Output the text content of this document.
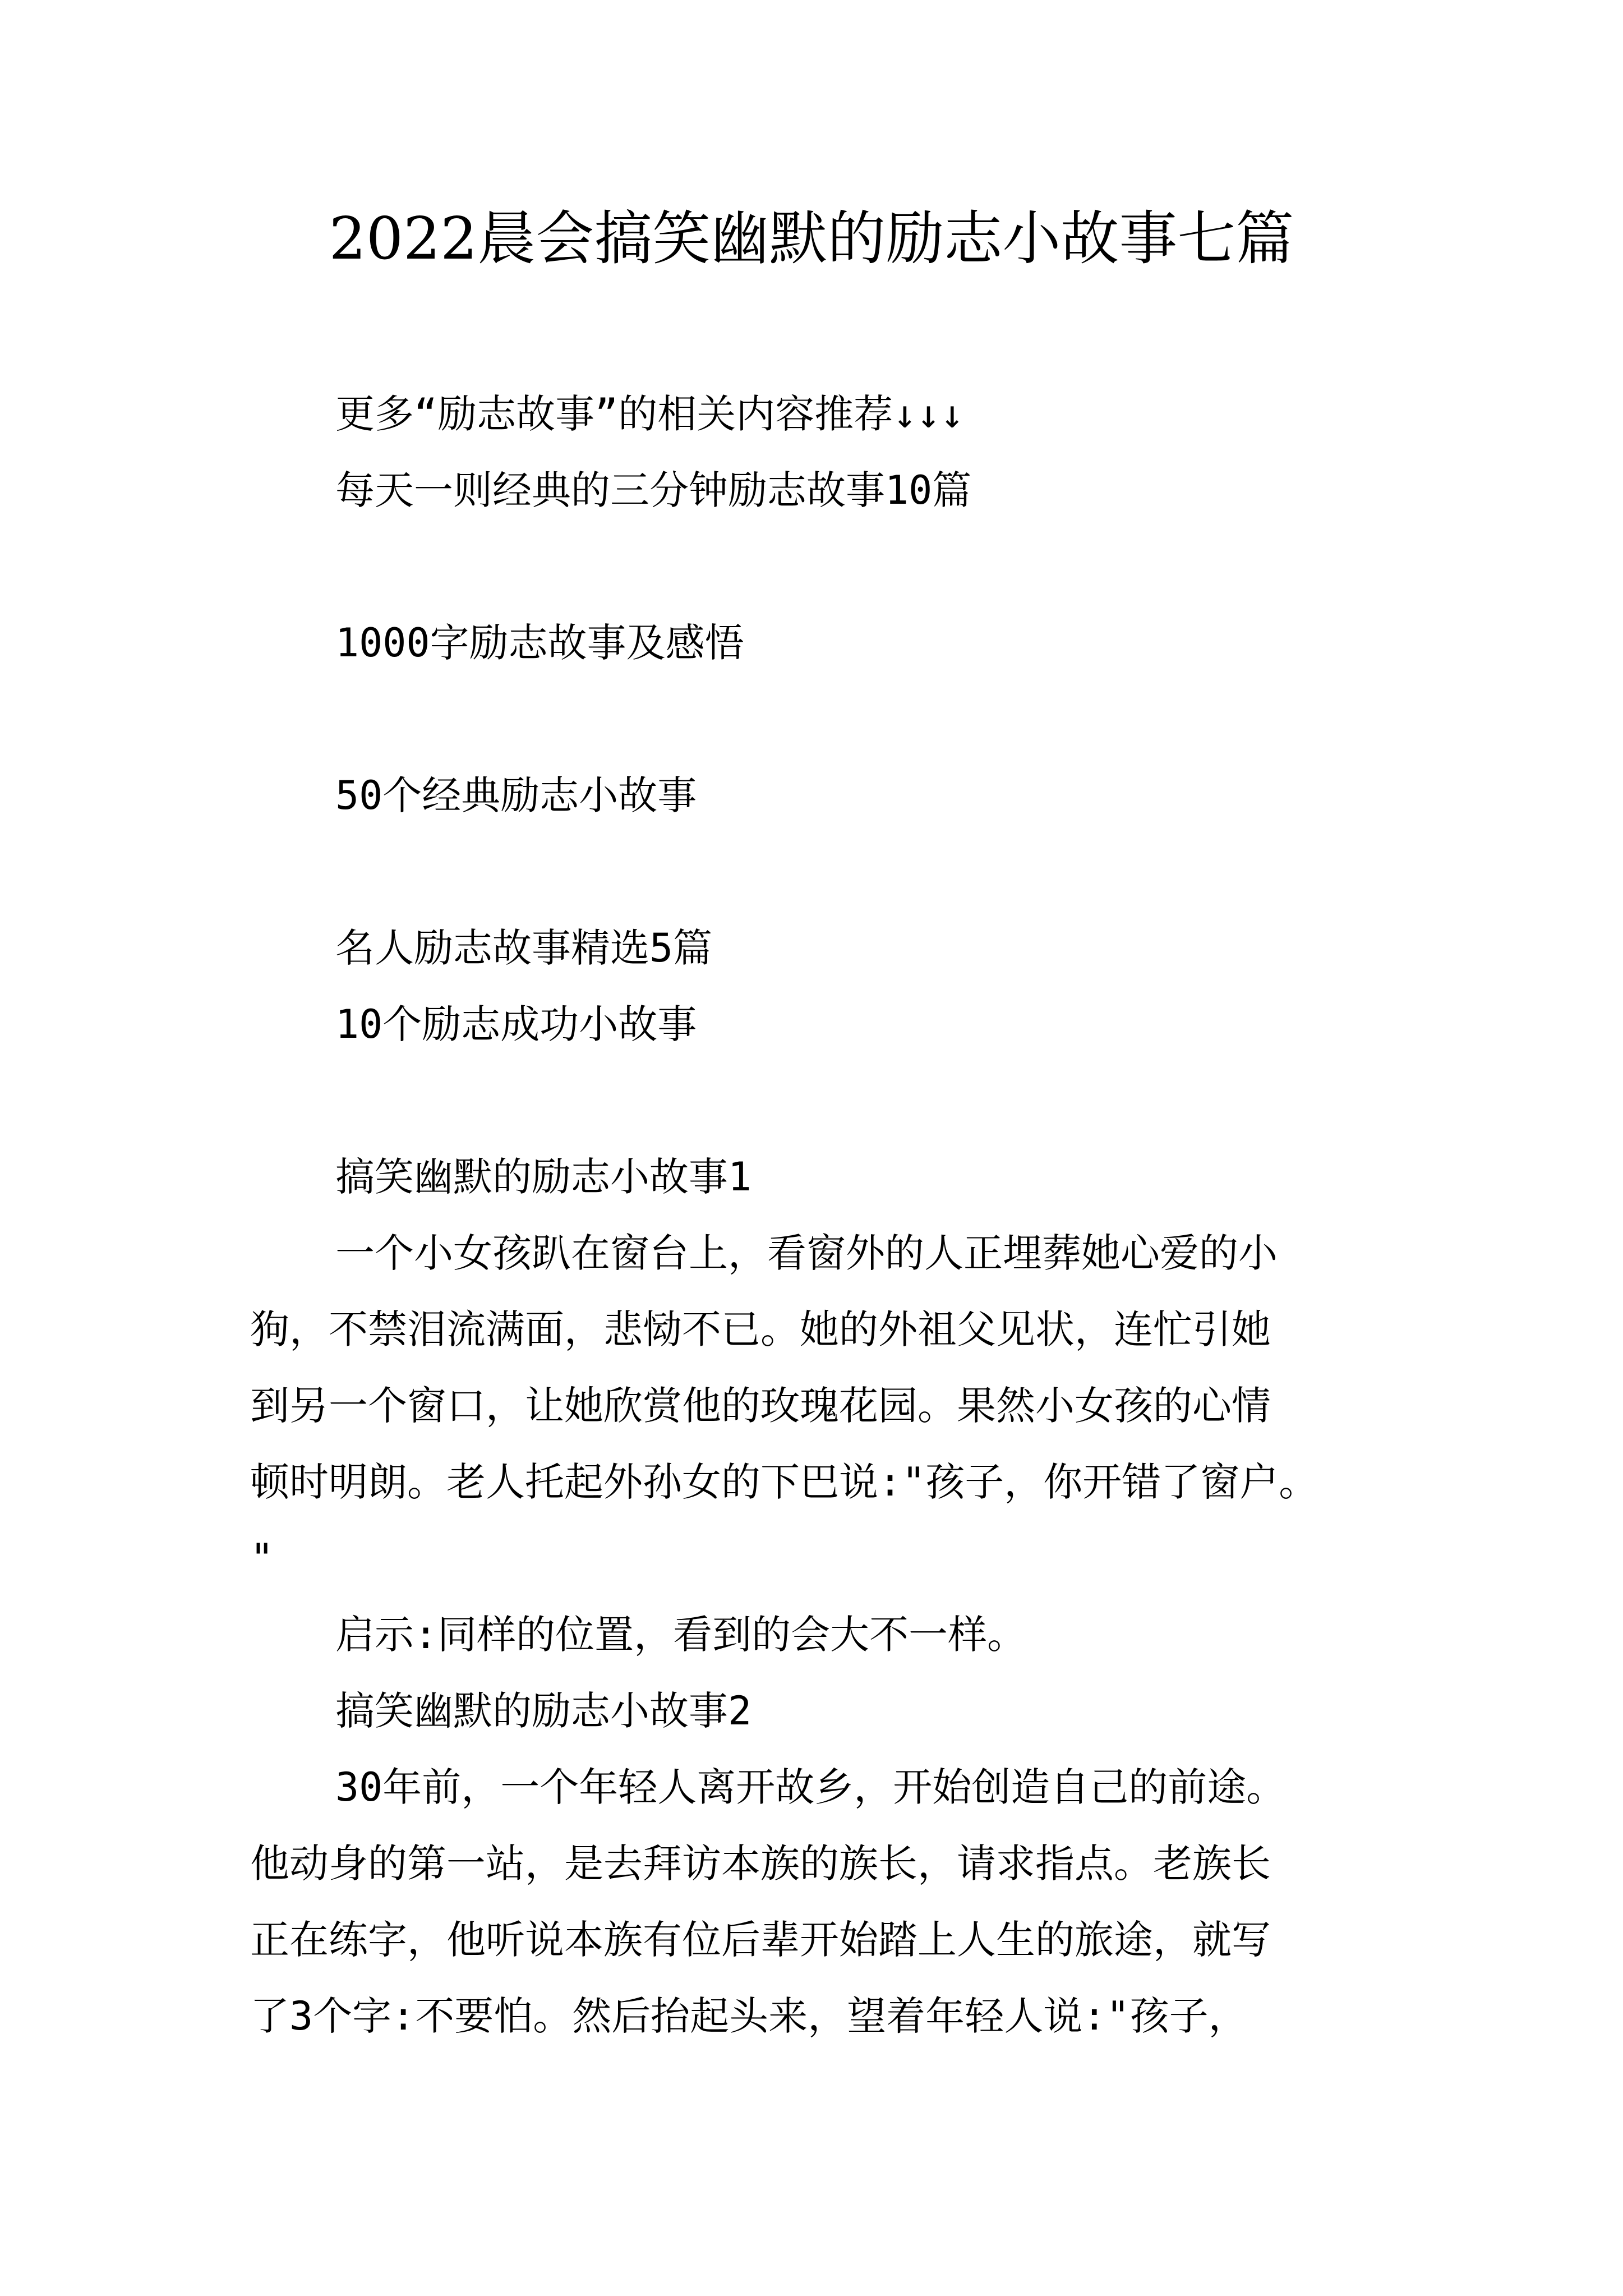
2022晨会搞笑幽默的励志小故事七篇
更多“励志故事”的相关内容推荐↓↓↓
每天一则经典的三分钟励志故事10篇
1000字励志故事及感悟
50个经典励志小故事
名人励志故事精选5篇
10个励志成功小故事
搞笑幽默的励志小故事1
一个小女孩趴在窗台上，看窗外的人正埋葬她心爱的小
狗，不禁泪流满面，悲恸不已。她的外祖父见状，连忙引她
到另一个窗口，让她欣赏他的玫瑰花园。果然小女孩的心情
顿时明朗。老人托起外孙女的下巴说:"孩子，你开错了窗户。
"
启示:同样的位置，看到的会大不一样。
搞笑幽默的励志小故事2
30年前，一个年轻人离开故乡，开始创造自己的前途。
他动身的第一站，是去拜访本族的族长，请求指点。老族长
正在练字，他听说本族有位后辈开始踏上人生的旅途，就写
了3个字:不要怕。然后抬起头来，望着年轻人说:"孩子，
